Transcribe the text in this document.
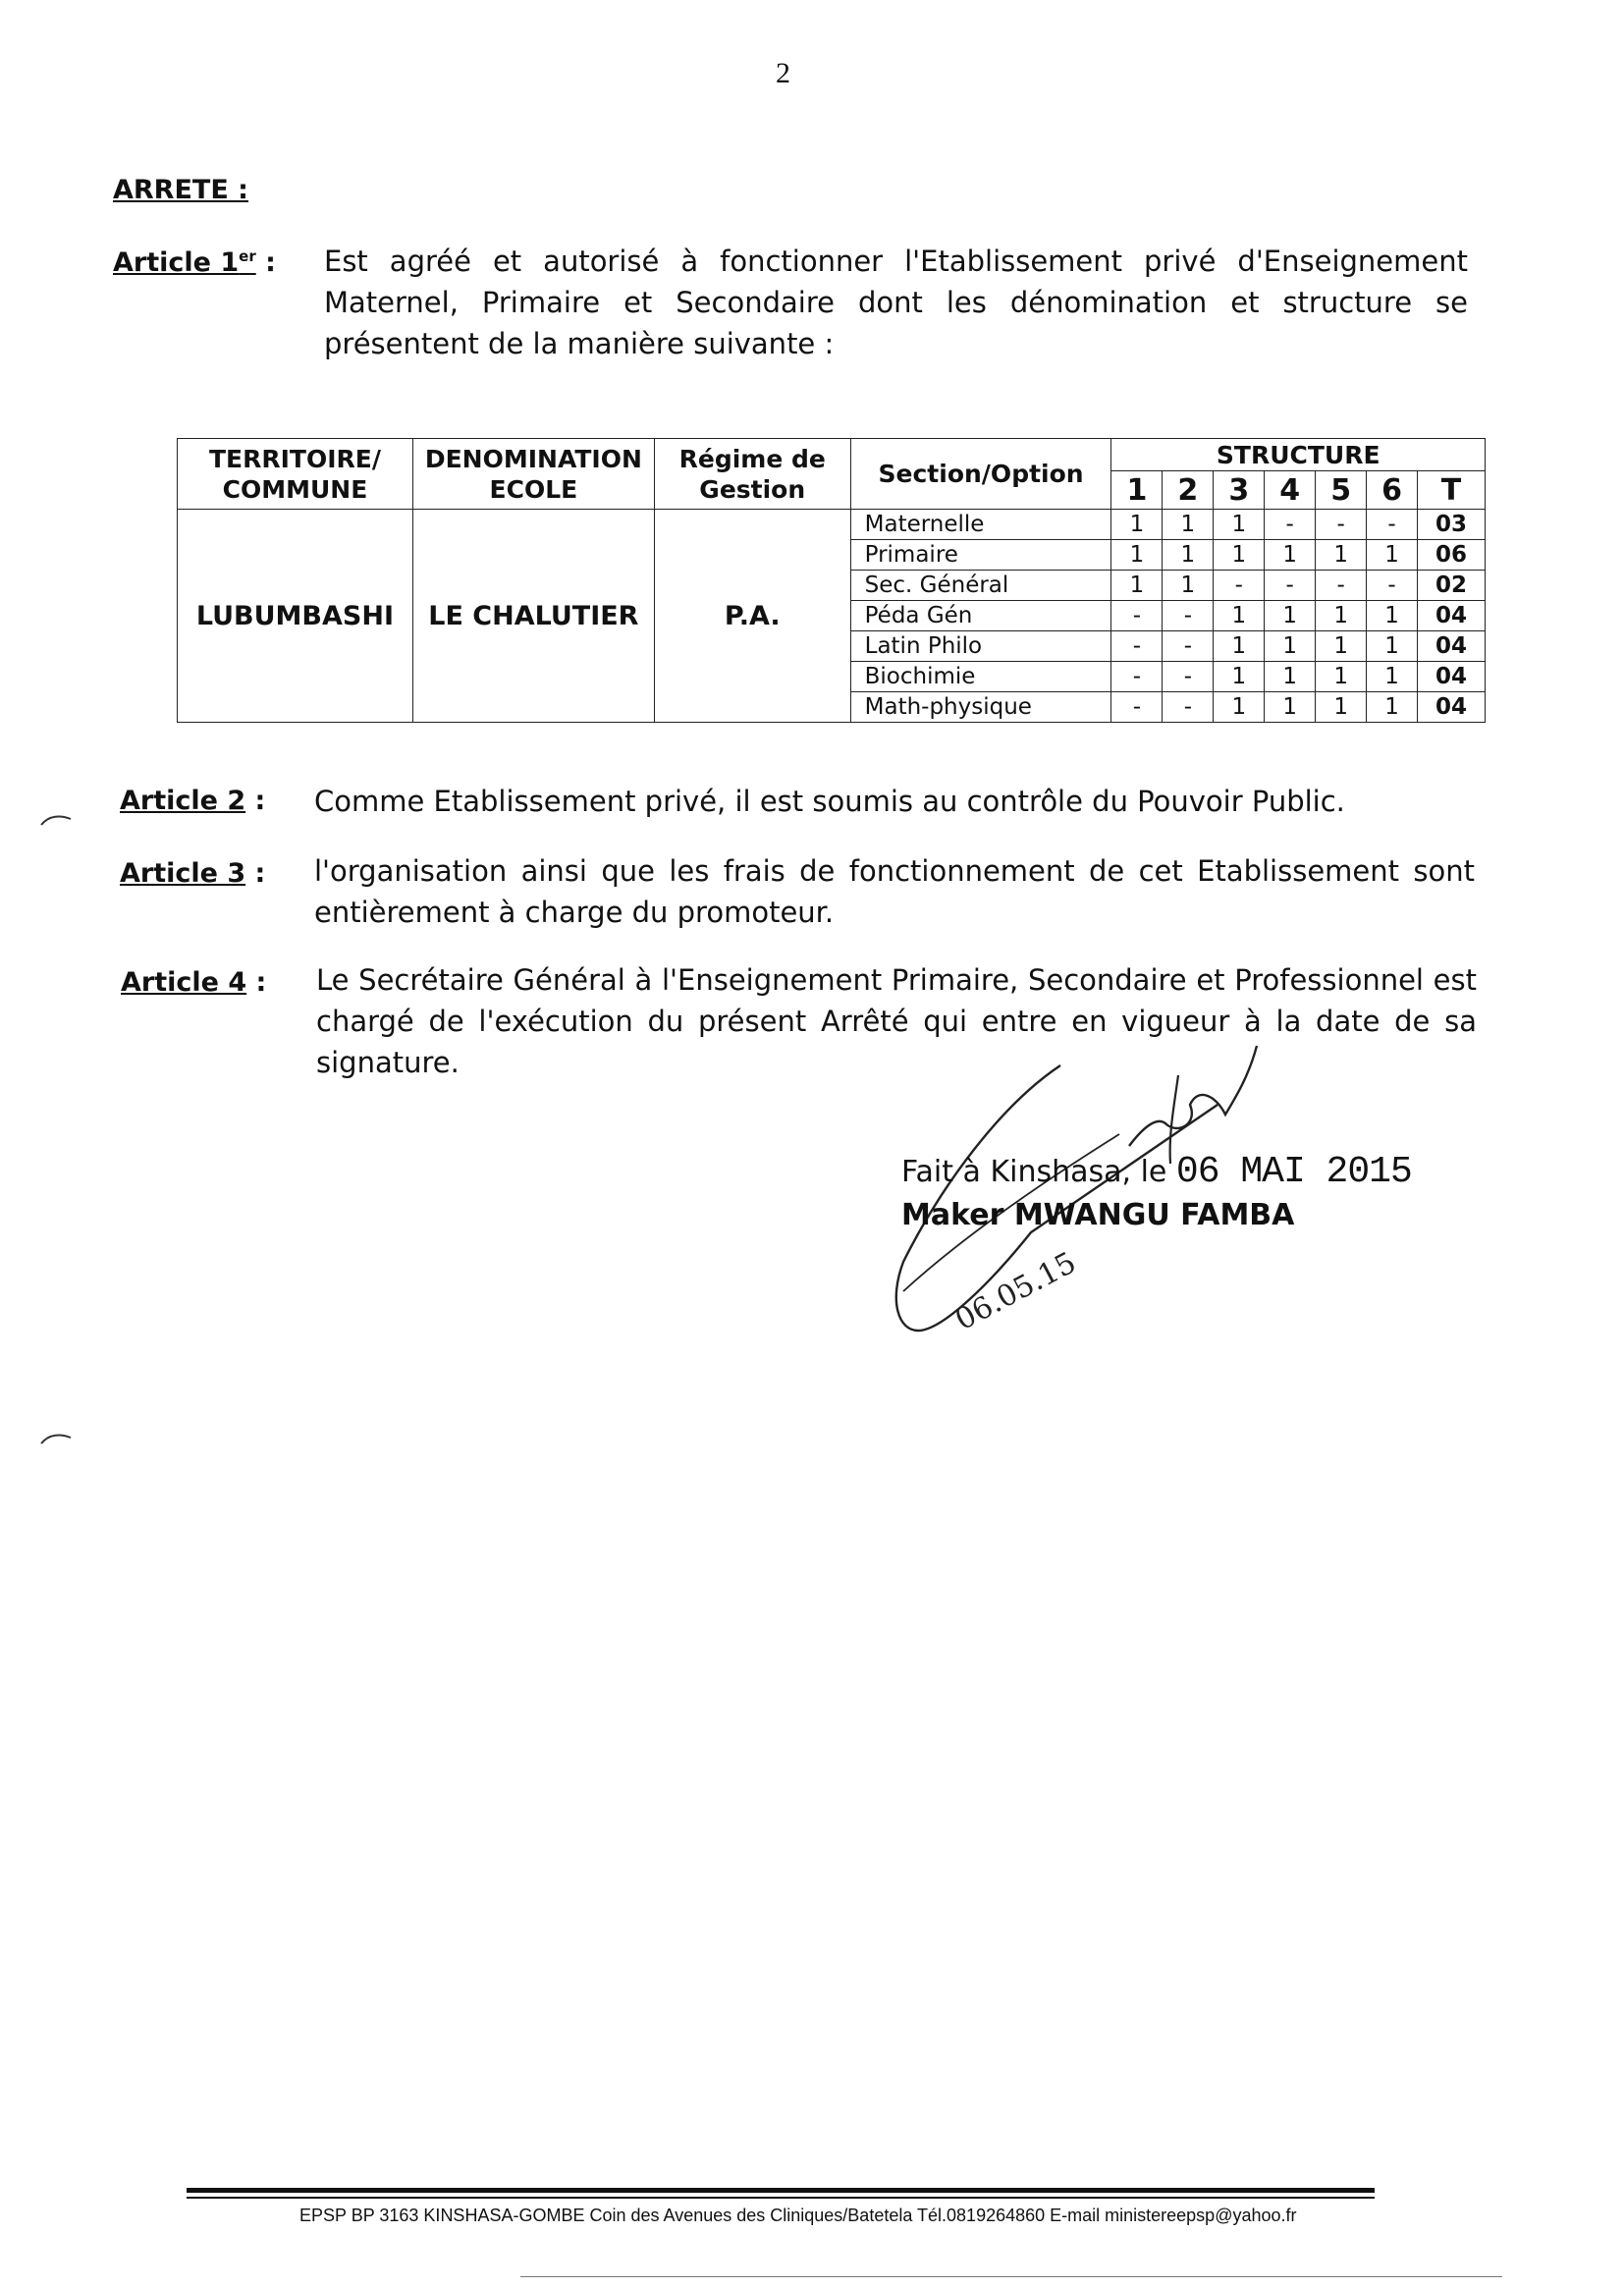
2
ARRETE :
Article 1er : Est agréé et autorisé à fonctionner l'Etablissement privé d'Enseignement Maternel, Primaire et Secondaire dont les dénomination et structure se présentent de la manière suivante :
TERRITOIRE/ COMMUNE	DENOMINATION ECOLE	Régime de Gestion	Section/Option	STRUCTURE						
				1	2	3	4	5	6	T
LUBUMBASHI	LE CHALUTIER	P.A.	Maternelle	1	1	1	-	-	-	03
			Primaire	1	1	1	1	1	1	06
			Sec. Général	1	1	-	-	-	-	02
			Péda Gén	-	-	1	1	1	1	04
			Latin Philo	-	-	1	1	1	1	04
			Biochimie	-	-	1	1	1	1	04
			Math-physique	-	-	1	1	1	1	04
Article 2 : Comme Etablissement privé, il est soumis au contrôle du Pouvoir Public.
Article 3 : l'organisation ainsi que les frais de fonctionnement de cet Etablissement sont entièrement à charge du promoteur.
Article 4 : Le Secrétaire Général à l'Enseignement Primaire, Secondaire et Professionnel est chargé de l'exécution du présent Arrêté qui entre en vigueur à la date de sa signature.
06.05.15
Fait à Kinshasa, le 06 MAI 2015
Maker MWANGU FAMBA
EPSP BP 3163 KINSHASA-GOMBE Coin des Avenues des Cliniques/Batetela Tél.0819264860 E-mail ministereepsp@yahoo.fr
